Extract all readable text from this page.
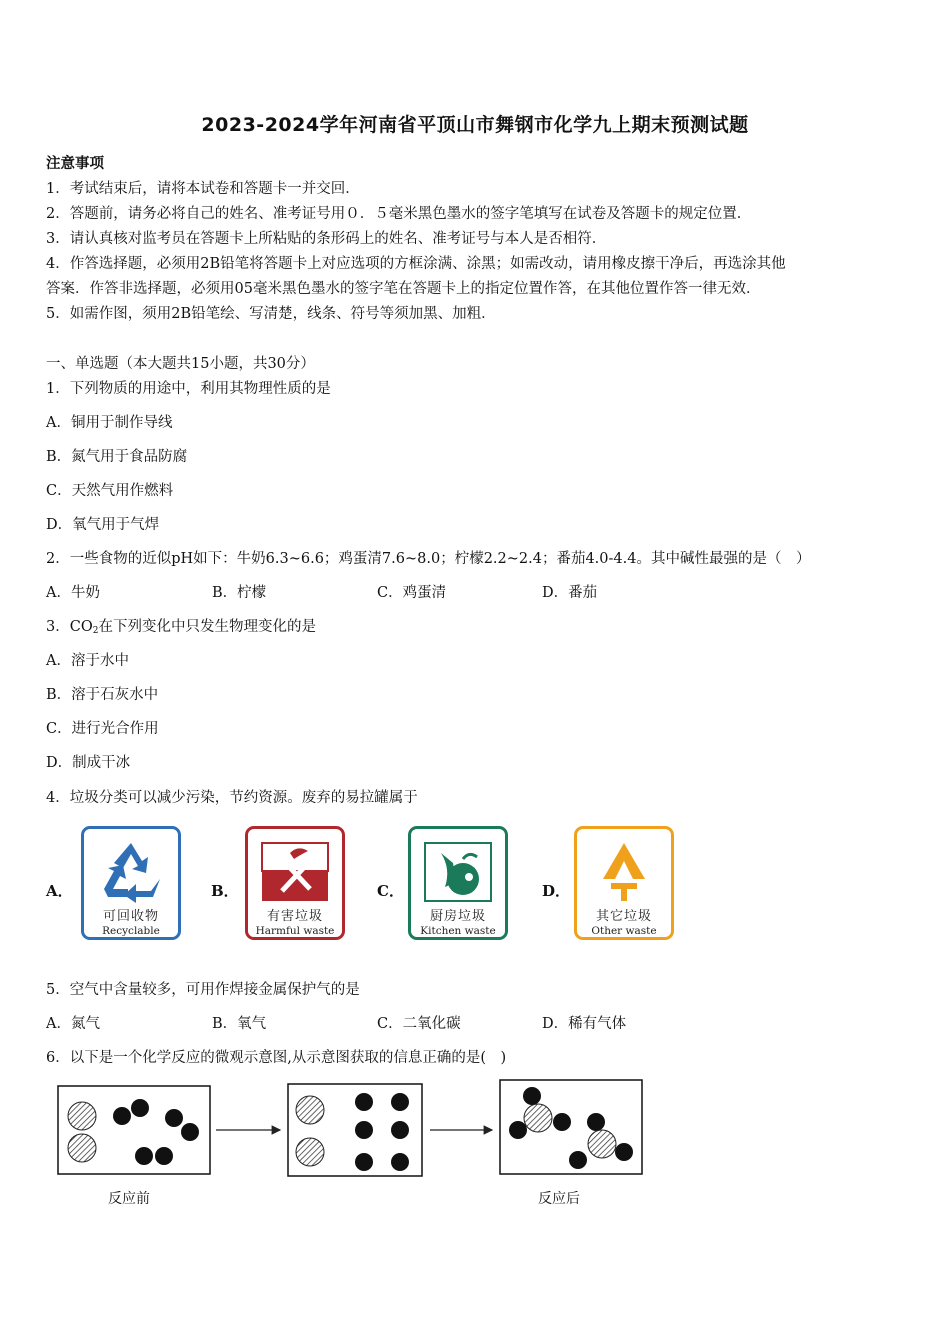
2023-2024学年河南省平顶山市舞钢市化学九上期末预测试题
注意事项
1．考试结束后，请将本试卷和答题卡一并交回．
2．答题前，请务必将自己的姓名、准考证号用０．５毫米黑色墨水的签字笔填写在试卷及答题卡的规定位置．
3．请认真核对监考员在答题卡上所粘贴的条形码上的姓名、准考证号与本人是否相符．
4．作答选择题，必须用2B铅笔将答题卡上对应选项的方框涂满、涂黑；如需改动，请用橡皮擦干净后，再选涂其他
答案．作答非选择题，必须用05毫米黑色墨水的签字笔在答题卡上的指定位置作答，在其他位置作答一律无效．
5．如需作图，须用2B铅笔绘、写清楚，线条、符号等须加黑、加粗．
一、单选题（本大题共15小题，共30分）
1．下列物质的用途中，利用其物理性质的是
A．铜用于制作导线
B．氮气用于食品防腐
C．天然气用作燃料
D．氧气用于气焊
2．一些食物的近似pH如下：牛奶6.3~6.6；鸡蛋清7.6~8.0；柠檬2.2~2.4；番茄4.0-4.4。其中碱性最强的是（　）
A．牛奶	B．柠檬	C．鸡蛋清	D．番茄
3．$CO_2$在下列变化中只发生物理变化的是
A．溶于水中
B．溶于石灰水中
C．进行光合作用
D．制成干冰
4．垃圾分类可以减少污染，节约资源。废弃的易拉罐属于
A．
可回收物
Recyclable
B．
有害垃圾
Harmful waste
C．
厨房垃圾
Kitchen waste
D．
其它垃圾
Other waste
5．空气中含量较多，可用作焊接金属保护气的是
A．氮气	B．氧气	C．二氧化碳	D．稀有气体
6．以下是一个化学反应的微观示意图,从示意图获取的信息正确的是(　)
反应前	反应后
